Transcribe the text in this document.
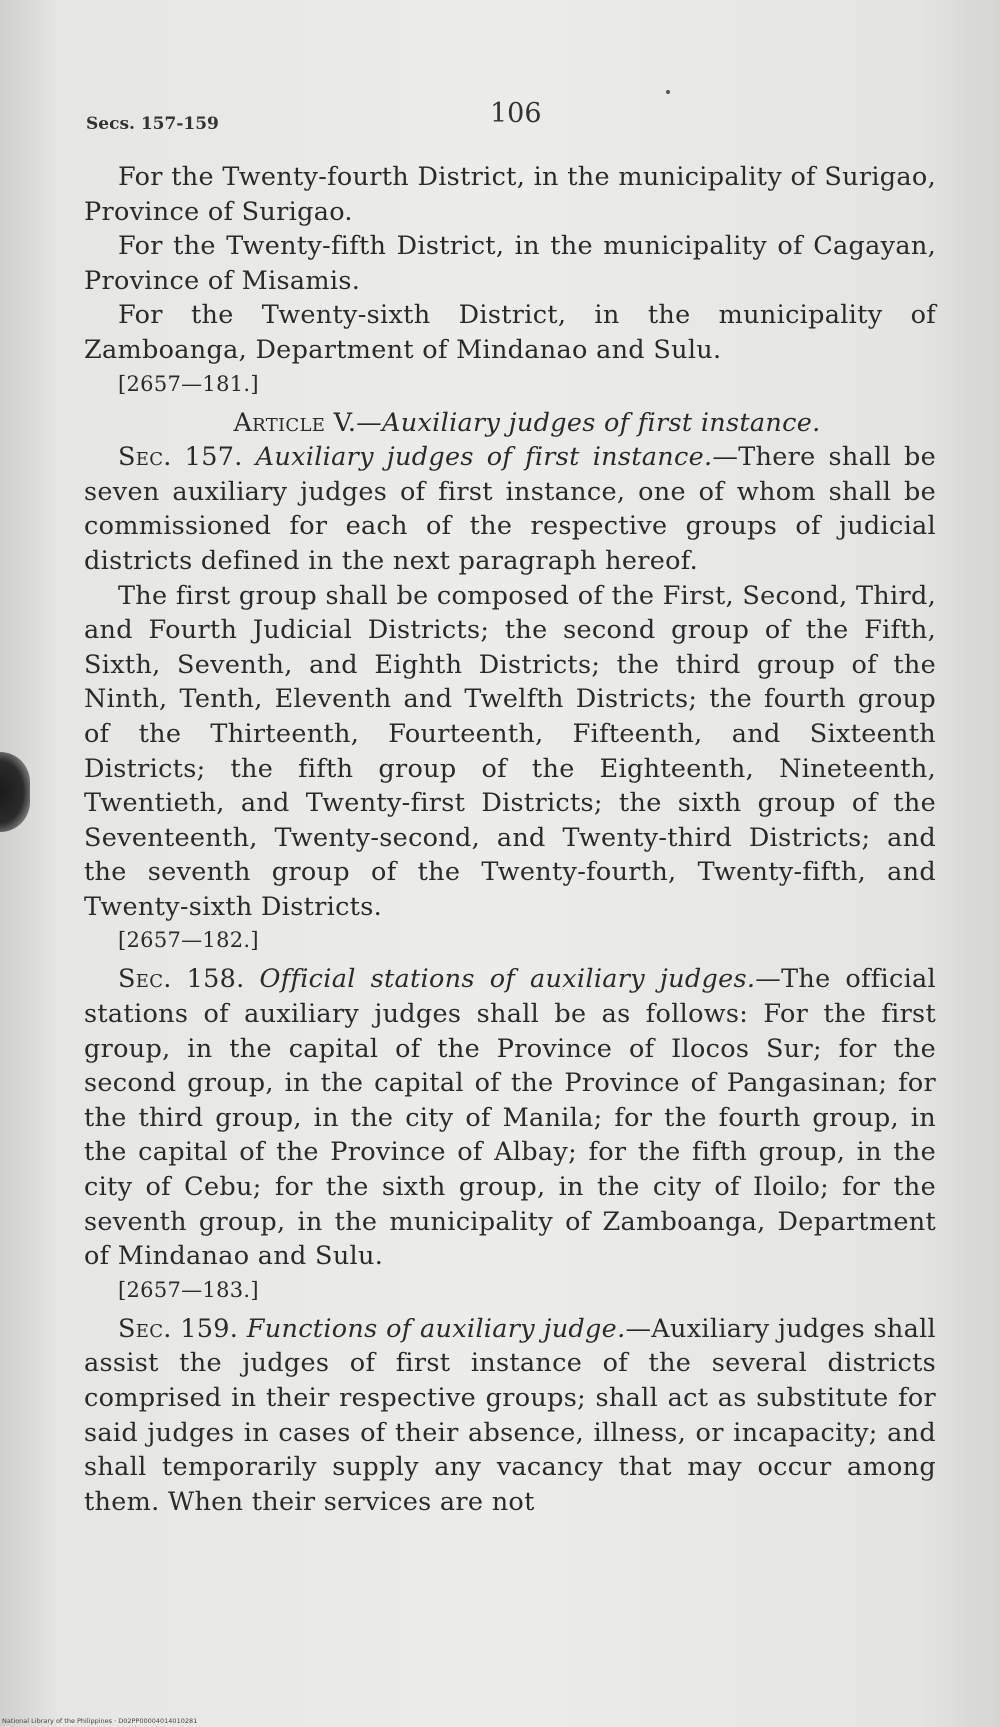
Secs. 157-159	106

For the Twenty-fourth District, in the municipality of Surigao, Province of Surigao.

For the Twenty-fifth District, in the municipality of Cagayan, Province of Misamis.

For the Twenty-sixth District, in the municipality of Zamboanga, Department of Mindanao and Sulu.

[2657—181.]

Article V.—Auxiliary judges of first instance.

Sec. 157. Auxiliary judges of first instance.—There shall be seven auxiliary judges of first instance, one of whom shall be commissioned for each of the respective groups of judicial districts defined in the next paragraph hereof.

The first group shall be composed of the First, Second, Third, and Fourth Judicial Districts; the second group of the Fifth, Sixth, Seventh, and Eighth Districts; the third group of the Ninth, Tenth, Eleventh and Twelfth Districts; the fourth group of the Thirteenth, Fourteenth, Fifteenth, and Sixteenth Districts; the fifth group of the Eighteenth, Nineteenth, Twentieth, and Twenty-first Districts; the sixth group of the Seventeenth, Twenty-second, and Twenty-third Districts; and the seventh group of the Twenty-fourth, Twenty-fifth, and Twenty-sixth Districts.

[2657—182.]

Sec. 158. Official stations of auxiliary judges.—The official stations of auxiliary judges shall be as follows: For the first group, in the capital of the Province of Ilocos Sur; for the second group, in the capital of the Province of Pangasinan; for the third group, in the city of Manila; for the fourth group, in the capital of the Province of Albay; for the fifth group, in the city of Cebu; for the sixth group, in the city of Iloilo; for the seventh group, in the municipality of Zamboanga, Department of Mindanao and Sulu.

[2657—183.]

Sec. 159. Functions of auxiliary judge.—Auxiliary judges shall assist the judges of first instance of the several districts comprised in their respective groups; shall act as substitute for said judges in cases of their absence, illness, or incapacity; and shall temporarily supply any vacancy that may occur among them. When their services are not

National Library of the Philippines · D02PP00004014010281
